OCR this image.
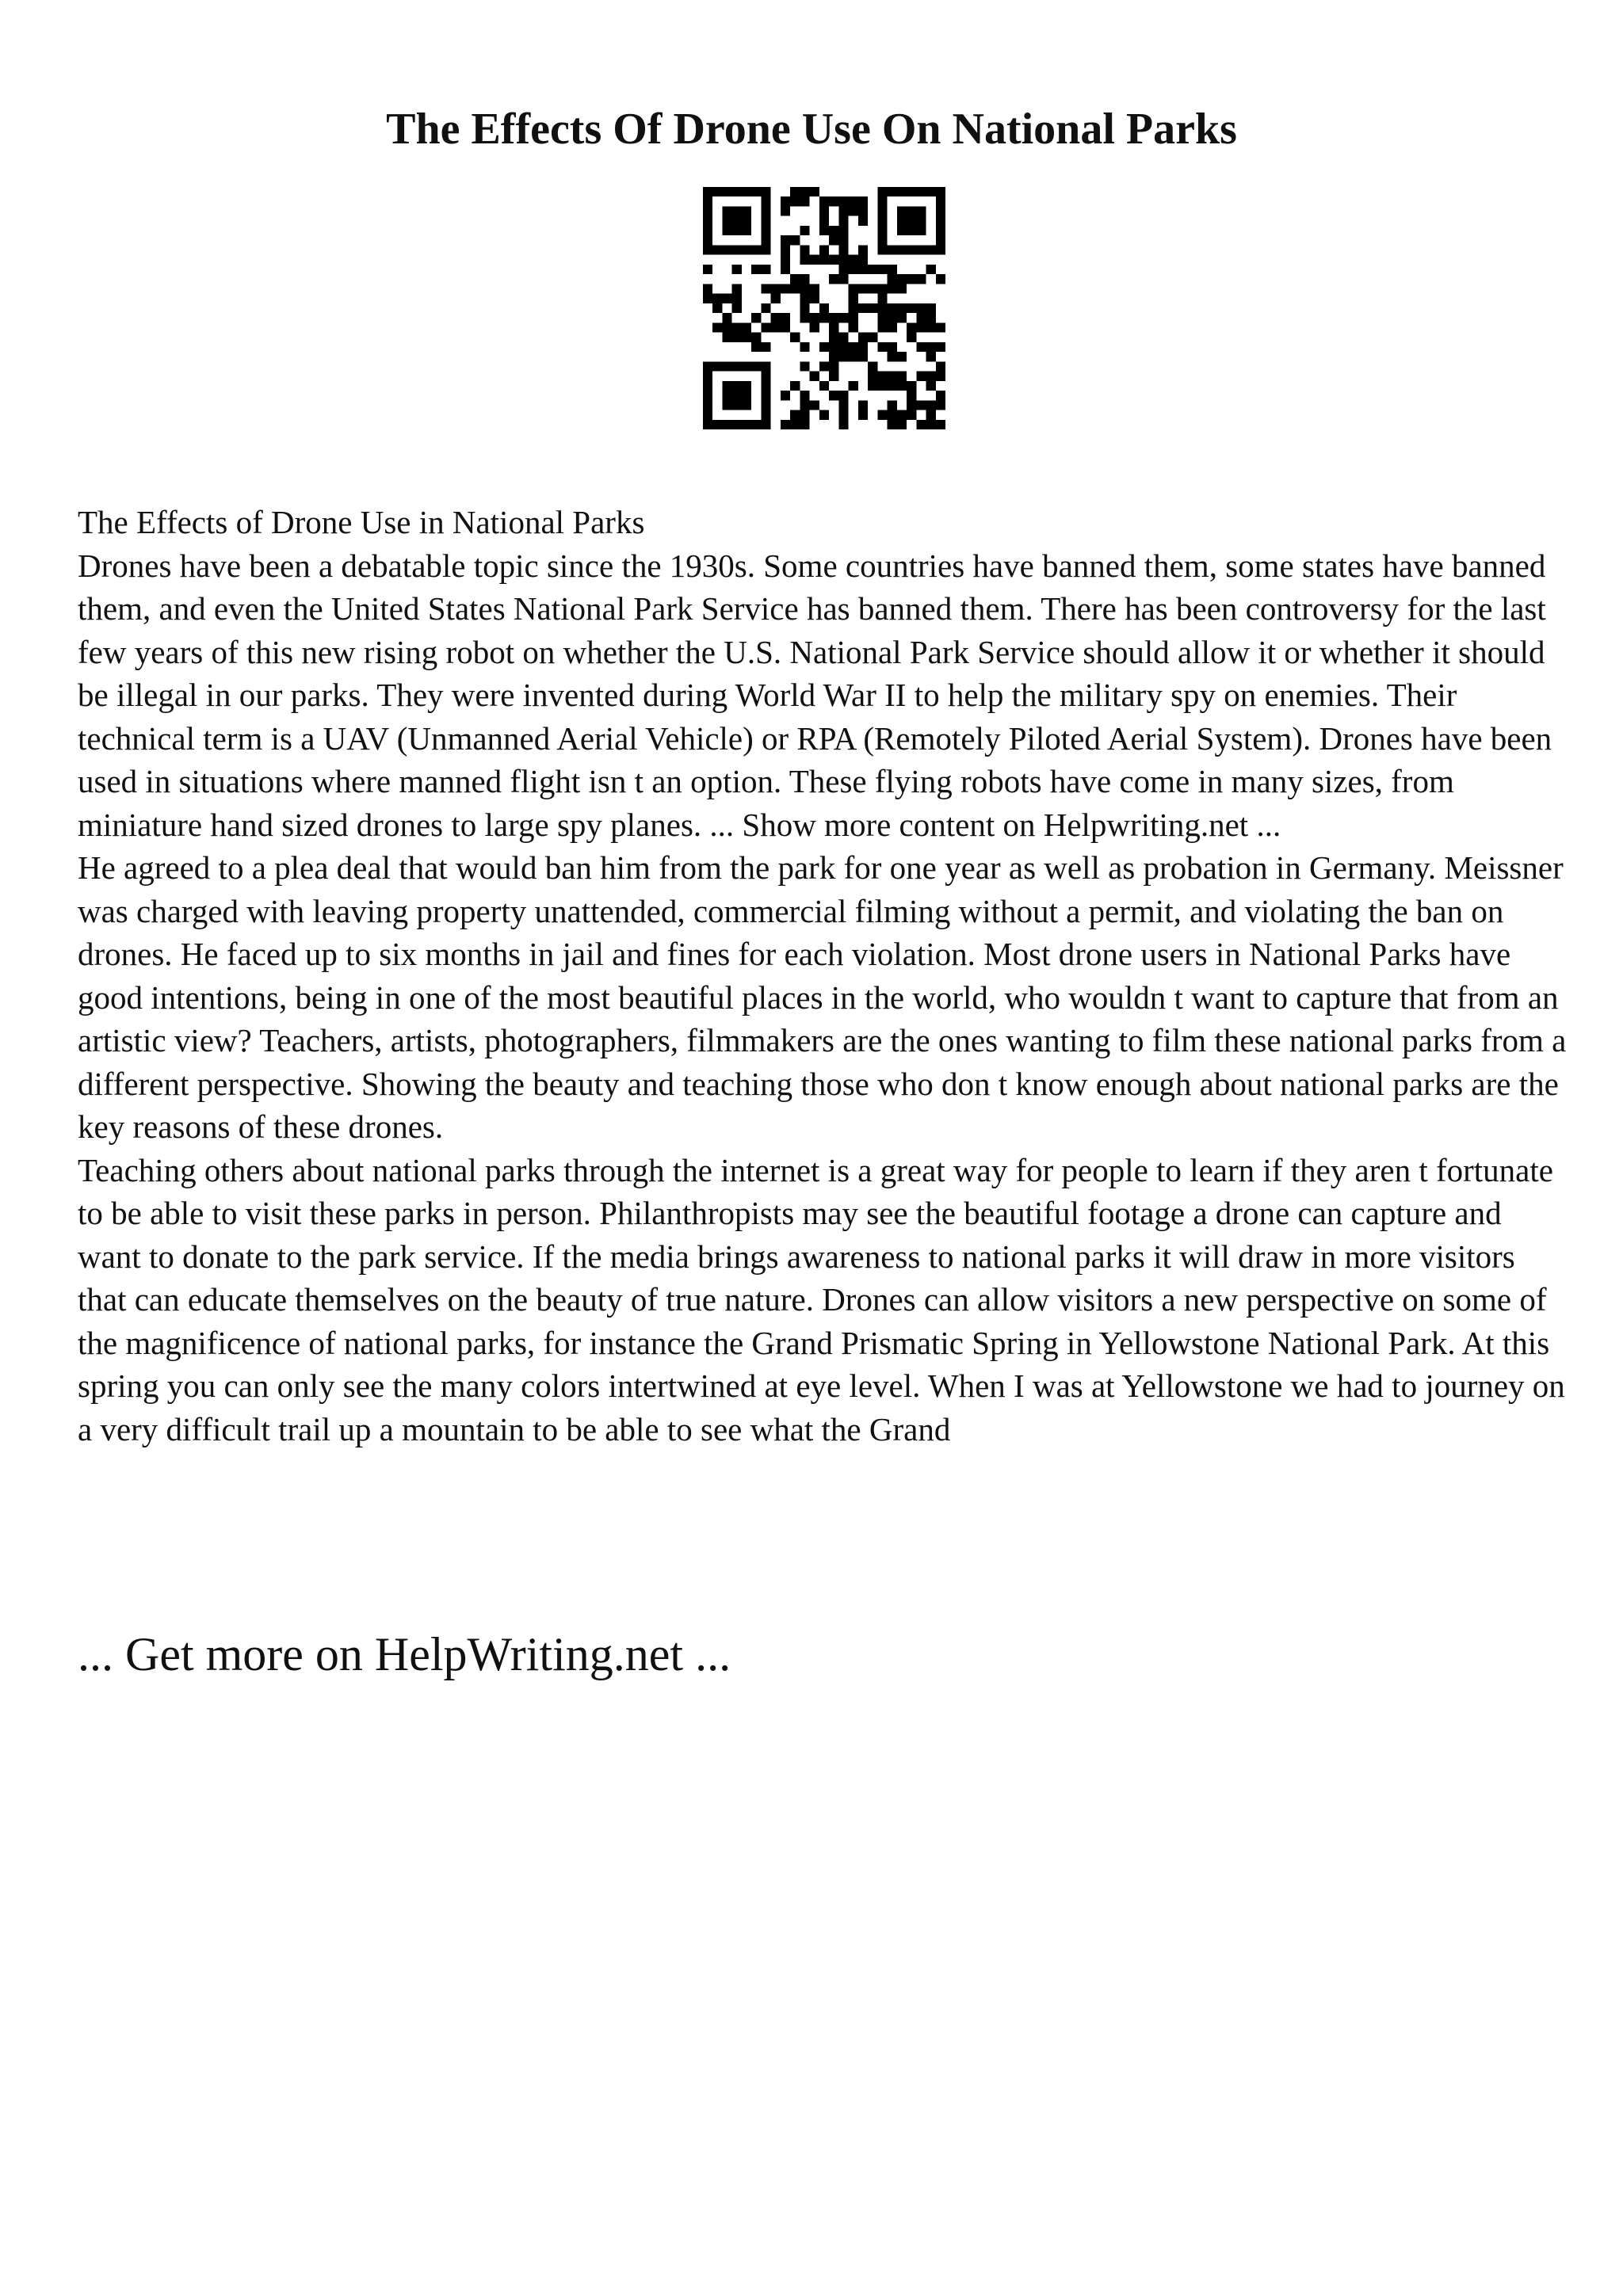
The Effects Of Drone Use On National Parks

The Effects of Drone Use in National Parks

Drones have been a debatable topic since the 1930s. Some countries have banned them, some states have banned them, and even the United States National Park Service has banned them. There has been controversy for the last few years of this new rising robot on whether the U.S. National Park Service should allow it or whether it should be illegal in our parks. They were invented during World War II to help the military spy on enemies. Their technical term is a UAV (Unmanned Aerial Vehicle) or RPA (Remotely Piloted Aerial System). Drones have been used in situations where manned flight isn t an option. These flying robots have come in many sizes, from miniature hand sized drones to large spy planes. ... Show more content on Helpwriting.net ...

He agreed to a plea deal that would ban him from the park for one year as well as probation in Germany. Meissner was charged with leaving property unattended, commercial filming without a permit, and violating the ban on drones. He faced up to six months in jail and fines for each violation. Most drone users in National Parks have good intentions, being in one of the most beautiful places in the world, who wouldn t want to capture that from an artistic view? Teachers, artists, photographers, filmmakers are the ones wanting to film these national parks from a different perspective. Showing the beauty and teaching those who don t know enough about national parks are the key reasons of these drones.

Teaching others about national parks through the internet is a great way for people to learn if they aren t fortunate to be able to visit these parks in person. Philanthropists may see the beautiful footage a drone can capture and want to donate to the park service. If the media brings awareness to national parks it will draw in more visitors that can educate themselves on the beauty of true nature. Drones can allow visitors a new perspective on some of the magnificence of national parks, for instance the Grand Prismatic Spring in Yellowstone National Park. At this spring you can only see the many colors intertwined at eye level. When I was at Yellowstone we had to journey on a very difficult trail up a mountain to be able to see what the Grand

... Get more on HelpWriting.net ...
